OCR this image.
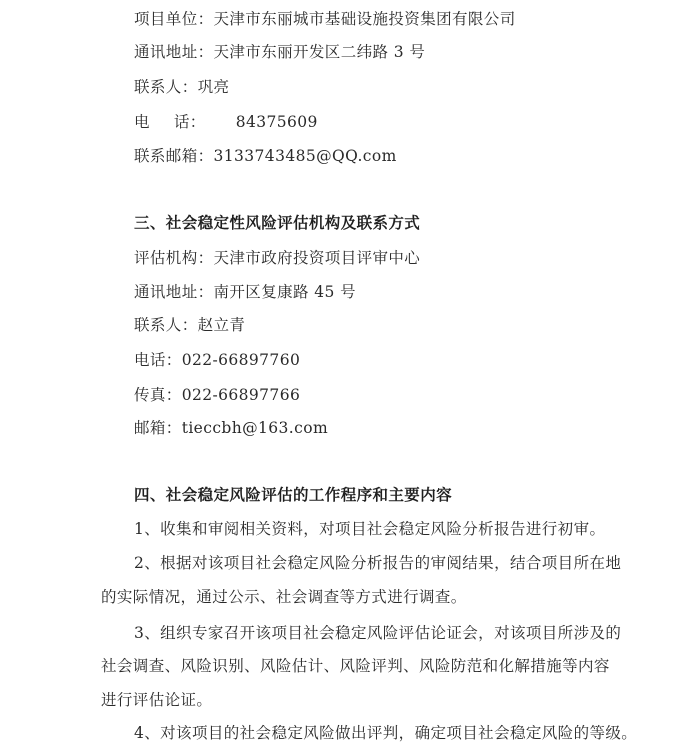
项目单位：天津市东丽城市基础设施投资集团有限公司
通讯地址：天津市东丽开发区二纬路 3 号
联系人：巩亮
电 话： 84375609
联系邮箱：3133743485@QQ.com
三、社会稳定性风险评估机构及联系方式
评估机构：天津市政府投资项目评审中心
通讯地址：南开区复康路 45 号
联系人：赵立青
电话：022-66897760
传真：022-66897766
邮箱：tieccbh@163.com
四、社会稳定风险评估的工作程序和主要内容
1、收集和审阅相关资料，对项目社会稳定风险分析报告进行初审。
2、根据对该项目社会稳定风险分析报告的审阅结果，结合项目所在地
的实际情况，通过公示、社会调查等方式进行调查。
3、组织专家召开该项目社会稳定风险评估论证会，对该项目所涉及的
社会调查、风险识别、风险估计、风险评判、风险防范和化解措施等内容
进行评估论证。
4、对该项目的社会稳定风险做出评判，确定项目社会稳定风险的等级。
